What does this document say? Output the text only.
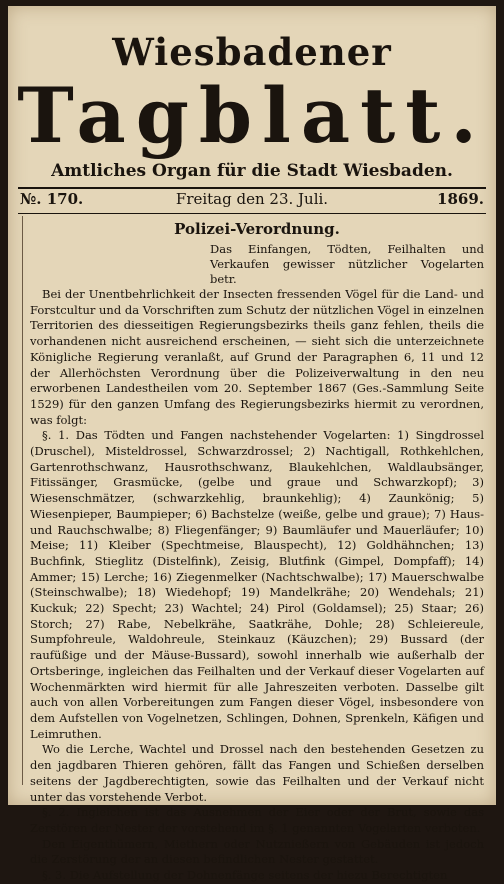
Wiesbadener
Tagblatt.
Amtliches Organ für die Stadt Wiesbaden.
№. 170.	Freitag den 23. Juli.	1869.

Polizei-Verordnung.

Das Einfangen, Tödten, Feilhalten und Verkaufen gewisser nützlicher Vogelarten betr.

Bei der Unentbehrlichkeit der Insecten fressenden Vögel für die Land- und Forstcultur und da Vorschriften zum Schutz der nützlichen Vögel in einzelnen Territorien des diesseitigen Regierungsbezirks theils ganz fehlen, theils die vorhandenen nicht ausreichend erscheinen, — sieht sich die unterzeichnete Königliche Regierung veranlaßt, auf Grund der Paragraphen 6, 11 und 12 der Allerhöchsten Verordnung über die Polizeiverwaltung in den neu erworbenen Landestheilen vom 20. September 1867 (Ges.-Sammlung Seite 1529) für den ganzen Umfang des Regierungsbezirks hiermit zu verordnen, was folgt:

§. 1. Das Tödten und Fangen nachstehender Vogelarten: 1) Singdrossel (Druschel), Misteldrossel, Schwarzdrossel; 2) Nachtigall, Rothkehlchen, Gartenrothschwanz, Hausrothschwanz, Blaukehlchen, Waldlaubsänger, Fitissänger, Grasmücke, (gelbe und graue und Schwarzkopf); 3) Wiesenschmätzer, (schwarzkehlig, braunkehlig); 4) Zaunkönig; 5) Wiesenpieper, Baumpieper; 6) Bachstelze (weiße, gelbe und graue); 7) Haus- und Rauchschwalbe; 8) Fliegenfänger; 9) Baumläufer und Mauerläufer; 10) Meise; 11) Kleiber (Spechtmeise, Blauspecht), 12) Goldhähnchen; 13) Buchfink, Stieglitz (Distelfink), Zeisig, Blutfink (Gimpel, Dompfaff); 14) Ammer; 15) Lerche; 16) Ziegenmelker (Nachtschwalbe); 17) Mauerschwalbe (Steinschwalbe); 18) Wiedehopf; 19) Mandelkrähe; 20) Wendehals; 21) Kuckuk; 22) Specht; 23) Wachtel; 24) Pirol (Goldamsel); 25) Staar; 26) Storch; 27) Rabe, Nebelkrähe, Saatkrähe, Dohle; 28) Schleiereule, Sumpfohreule, Waldohreule, Steinkauz (Käuzchen); 29) Bussard (der raufüßige und der Mäuse-Bussard), sowohl innerhalb wie außerhalb der Ortsberinge, ingleichen das Feilhalten und der Verkauf dieser Vogelarten auf Wochenmärkten wird hiermit für alle Jahreszeiten verboten. Dasselbe gilt auch von allen Vorbereitungen zum Fangen dieser Vögel, insbesondere von dem Aufstellen von Vogelnetzen, Schlingen, Dohnen, Sprenkeln, Käfigen und Leimruthen.

Wo die Lerche, Wachtel und Drossel nach den bestehenden Gesetzen zu den jagdbaren Thieren gehören, fällt das Fangen und Schießen derselben seitens der Jagdberechtigten, sowie das Feilhalten und der Verkauf nicht unter das vorstehende Verbot.

§. 2. Ingleichen ist das Ausnehmen der Eier oder der Brut, sowie das Zerstören der Nester der vorstehend im §. 1 genannten Vogelarten verboten.

Den Eigenthümern, Miethern oder Nutznießern von Gebäuden ist jedoch die Zerstörung der an diesen befindlichen Nester gestattet.

§. 3. Die Aufstellung der Dohnenfänge seitens der hiezu Berechtigten
